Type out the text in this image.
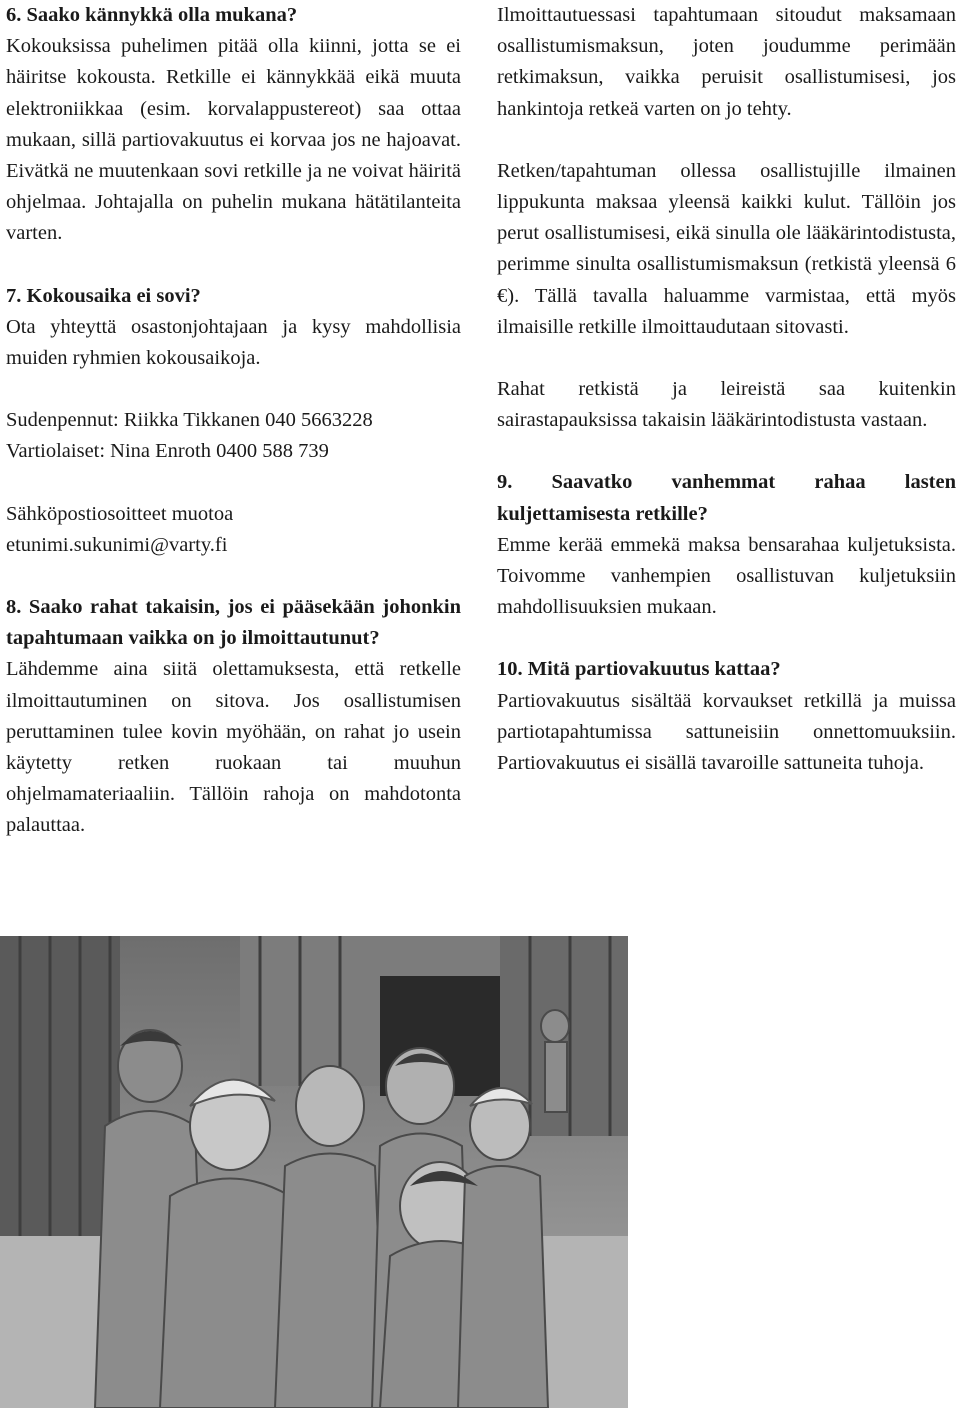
6. Saako kännykkä olla mukana?

Kokouksissa puhelimen pitää olla kiinni, jotta se ei häiritse kokousta. Retkille ei kännykkää eikä muuta elektroniikkaa (esim. korvalappustereot) saa ottaa mukaan, sillä partiovakuutus ei korvaa jos ne hajoavat. Eivätkä ne muutenkaan sovi retkille ja ne voivat häiritä ohjelmaa. Johtajalla on puhelin mukana hätätilanteita varten.

7. Kokousaika ei sovi?

Ota yhteyttä osastonjohtajaan ja kysy mahdollisia muiden ryhmien kokousaikoja.

Sudenpennut: Riikka Tikkanen 040 5663228

Vartiolaiset: Nina Enroth 0400 588 739

Sähköpostiosoitteet muotoa

etunimi.sukunimi@varty.fi

8. Saako rahat takaisin, jos ei pääsekään johonkin tapahtumaan vaikka on jo ilmoittautunut?

Lähdemme aina siitä olettamuksesta, että retkelle ilmoittautuminen on sitova. Jos osallistumisen peruttaminen tulee kovin myöhään, on rahat jo usein käytetty retken ruokaan tai muuhun ohjelmamateriaaliin. Tällöin rahoja on mahdotonta palauttaa.

Ilmoittautuessasi tapahtumaan sitoudut maksamaan osallistumismaksun, joten joudumme perimään retkimaksun, vaikka peruisit osallistumisesi, jos hankintoja retkeä varten on jo tehty.

Retken/tapahtuman ollessa osallistujille ilmainen lippukunta maksaa yleensä kaikki kulut. Tällöin jos perut osallistumisesi, eikä sinulla ole lääkärintodistusta, perimme sinulta osallistumismaksun (retkistä yleensä 6 €). Tällä tavalla haluamme varmistaa, että myös ilmaisille retkille ilmoittaudutaan sitovasti.

Rahat retkistä ja leireistä saa kuitenkin sairastapauksissa takaisin lääkärintodistusta vastaan.

9. Saavatko vanhemmat rahaa lasten kuljettamisesta retkille?

Emme kerää emmekä maksa bensarahaa kuljetuksista. Toivomme vanhempien osallistuvan kuljetuksiin mahdollisuuksien mukaan.

10. Mitä partiovakuutus kattaa?

Partiovakuutus sisältää korvaukset retkillä ja muissa partiotapahtumissa sattuneisiin onnettomuuksiin. Partiovakuutus ei sisällä tavaroille sattuneita tuhoja.
